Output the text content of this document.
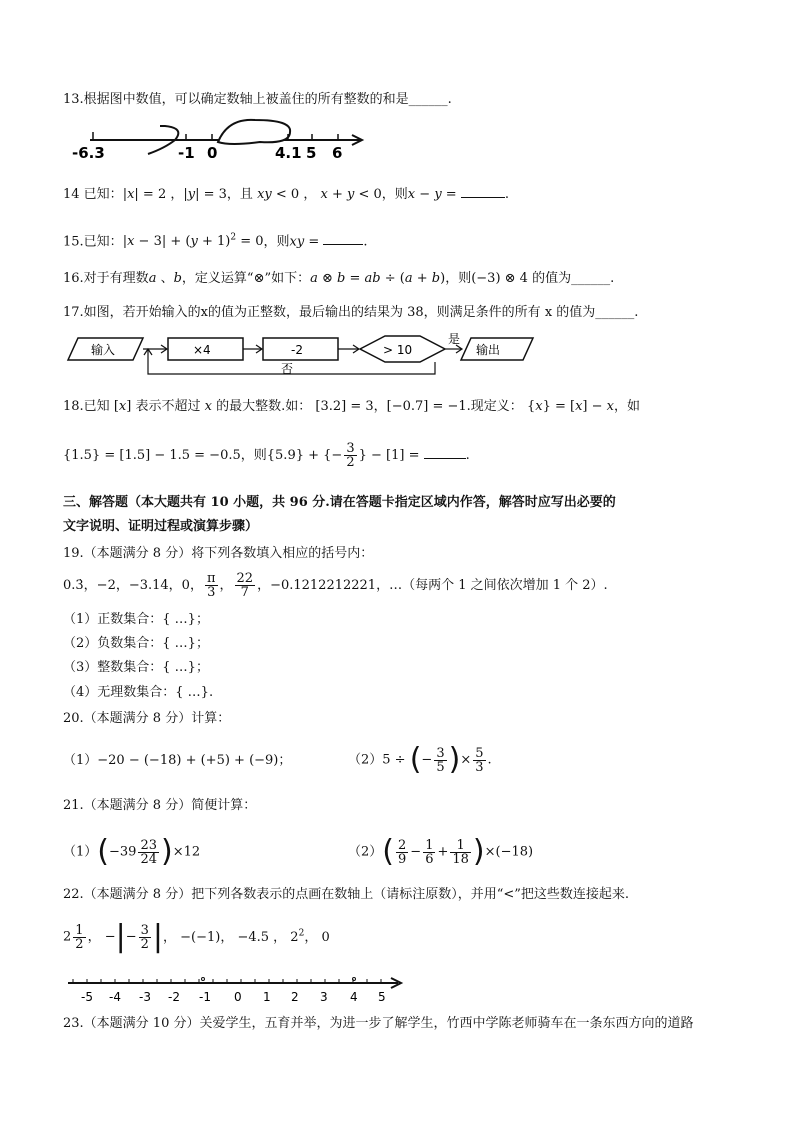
13.根据图中数值，可以确定数轴上被盖住的所有整数的和是______.
-6.3	-1 0	4.1 5 6
14 已知：|x| = 2 ，|y| = 3，且 xy < 0 ， x + y < 0，则x − y =	.
15.已知：$|x - 3| + (y + 1)^2 = 0$，则xy =	.
16.对于有理数a 、b，定义运算“⊗”如下：a ⊗ b = ab ÷ (a + b)，则(−3) ⊗ 4 的值为______.
17.如图，若开始输入的x的值为正整数，最后输出的结果为 38，则满足条件的所有 x 的值为______.
输入	×4	-2	> 10
是
否
输出
18.已知 [x] 表示不超过 x 的最大整数.如： [3.2] = 3，[−0.7] = −1.现定义： {x} = [x] − x，如
{1.5} = [1.5] − 1.5 = −0.5，则{5.9} + {− $\frac{3}{2}$ } − [1] =	.
三、解答题（本大题共有 10 小题，共 96 分.请在答题卡指定区域内作答，解答时应写出必要的
文字说明、证明过程或演算步骤）
19.（本题满分 8 分）将下列各数填入相应的括号内：
0.3̇，−2，−3.14，0， $\frac{\pi}{3}$ ， $\frac{22}{7}$ ，−0.1212212221，…（每两个 1 之间依次增加 1 个 2）.
（1）正数集合：{ …}；
（2）负数集合：{ …}；
（3）整数集合：{ …}；
（4）无理数集合：{ …}.
20.（本题满分 8 分）计算：
（1）−20 − (−18) + (+5) + (−9)；	（2）5 ÷ (− $\frac{3}{5}$ )× $\frac{5}{3}$ .
21.（本题满分 8 分）简便计算：
$(1)(-39 \frac{23}{24} )\times 12$	$(2)( \frac{2}{9} - \frac{1}{6} + \frac{1}{18} )\times(-18)$
22.（本题满分 8 分）把下列各数表示的点画在数轴上（请标注原数），并用“<”把这些数连接起来.
$2 \frac{1}{2}$ ， −|− $\frac{3}{2}$ |， −(−1)， −4.5 ， $2^2$， 0
-5 -4 -3 -2 -1 0 1 2 3 4 5
23.（本题满分 10 分）关爱学生，五育并举，为进一步了解学生，竹西中学陈老师骑车在一条东西方向的道路
